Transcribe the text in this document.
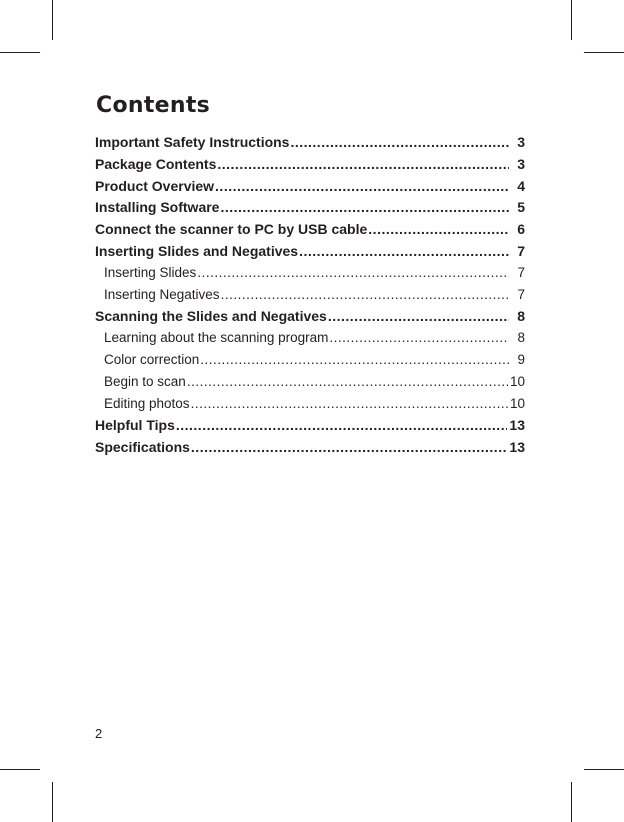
Contents
Important Safety Instructions .....	3
Package Contents .....	3
Product Overview .....	4
Installing Software .....	5
Connect the scanner to PC by USB cable .....	6
Inserting Slides and Negatives .....	7
Inserting Slides .....	7
Inserting Negatives .....	7
Scanning the Slides and Negatives .....	8
Learning about the scanning program .....	8
Color correction .....	9
Begin to scan .....	10
Editing photos .....	10
Helpful Tips .....	13
Specifications .....	13
2
